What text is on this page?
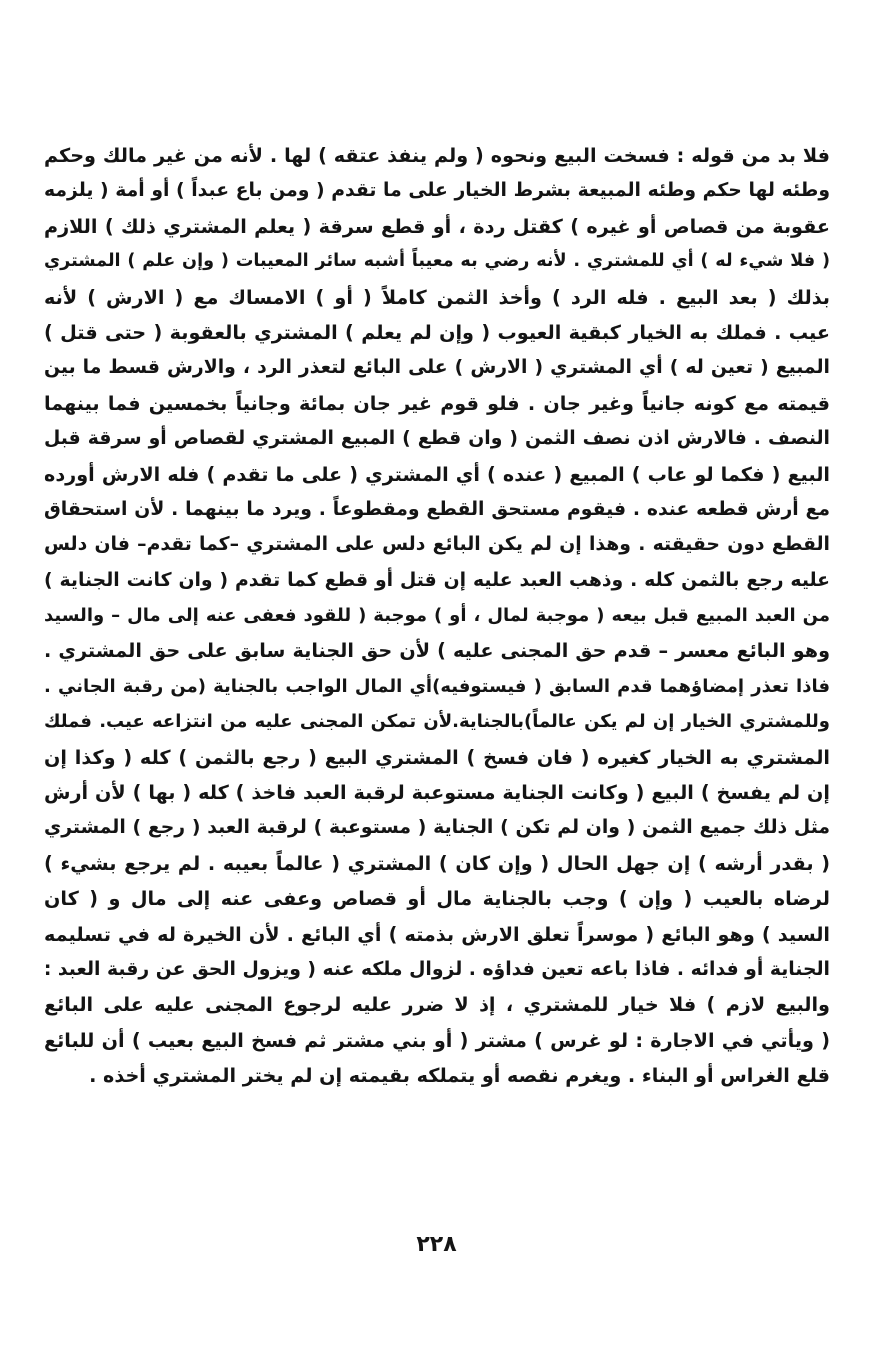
فلا بد من قوله : فسخت البيع ونحوه ( ولم ينفذ عتقه ) لها . لأنه من غير مالك وحكم
وطئه لها حكم وطئه المبيعة بشرط الخيار على ما تقدم ( ومن باع عبداً ) أو أمة ( يلزمه
عقوبة من قصاص أو غيره ) كقتل ردة ، أو قطع سرقة ( يعلم المشتري ذلك ) اللازم
( فلا شيء له ) أي للمشتري . لأنه رضي به معيباً أشبه سائر المعيبات ( وإن علم ) المشتري
بذلك ( بعد البيع . فله الرد ) وأخذ الثمن كاملاً ( أو ) الامساك مع ( الارش ) لأنه
عيب . فملك به الخيار كبقية العيوب ( وإن لم يعلم ) المشتري بالعقوبة ( حتى قتل )
المبيع ( تعين له ) أي المشتري ( الارش ) على البائع لتعذر الرد ، والارش قسط ما بين
قيمته مع كونه جانياً وغير جان . فلو قوم غير جان بمائة وجانياً بخمسين فما بينهما
النصف . فالارش اذن نصف الثمن ( وان قطع ) المبيع المشتري لقصاص أو سرقة قبل
البيع ( فكما لو عاب ) المبيع ( عنده ) أي المشتري ( على ما تقدم ) فله الارش أورده
مع أرش قطعه عنده . فيقوم مستحق القطع ومقطوعاً . ويرد ما بينهما . لأن استحقاق
القطع دون حقيقته . وهذا إن لم يكن البائع دلس على المشتري –كما تقدم– فان دلس
عليه رجع بالثمن كله . وذهب العبد عليه إن قتل أو قطع كما تقدم ( وان كانت الجناية )
من العبد المبيع قبل بيعه ( موجبة لمال ، أو ) موجبة ( للقود فعفى عنه إلى مال – والسيد
وهو البائع معسر – قدم حق المجنى عليه ) لأن حق الجناية سابق على حق المشتري .
فاذا تعذر إمضاؤهما قدم السابق ( فيستوفيه)أي المال الواجب بالجناية (من رقبة الجاني .
وللمشتري الخيار إن لم يكن عالماً)بالجناية.لأن تمكن المجنى عليه من انتزاعه عيب. فملك
المشتري به الخيار كغيره ( فان فسخ ) المشتري البيع ( رجع بالثمن ) كله ( وكذا إن
إن لم يفسخ ) البيع ( وكانت الجناية مستوعبة لرقبة العبد فاخذ ) كله ( بها ) لأن أرش
مثل ذلك جميع الثمن ( وان لم تكن ) الجناية ( مستوعبة ) لرقبة العبد ( رجع ) المشتري
( بقدر أرشه ) إن جهل الحال ( وإن كان ) المشتري ( عالماً بعيبه . لم يرجع بشيء )
لرضاه بالعيب ( وإن ) وجب بالجناية مال أو قصاص وعفى عنه إلى مال و ( كان
السيد ) وهو البائع ( موسراً تعلق الارش بذمته ) أي البائع . لأن الخيرة له في تسليمه
الجناية أو فدائه . فاذا باعه تعين فداؤه . لزوال ملكه عنه ( ويزول الحق عن رقبة العبد :
والبيع لازم ) فلا خيار للمشتري ، إذ لا ضرر عليه لرجوع المجنى عليه على البائع
( ويأتي في الاجارة : لو غرس ) مشتر ( أو بني مشتر ثم فسخ البيع بعيب ) أن للبائع
قلع الغراس أو البناء . ويغرم نقصه أو يتملكه بقيمته إن لم يختر المشتري أخذه .
٢٢٨
